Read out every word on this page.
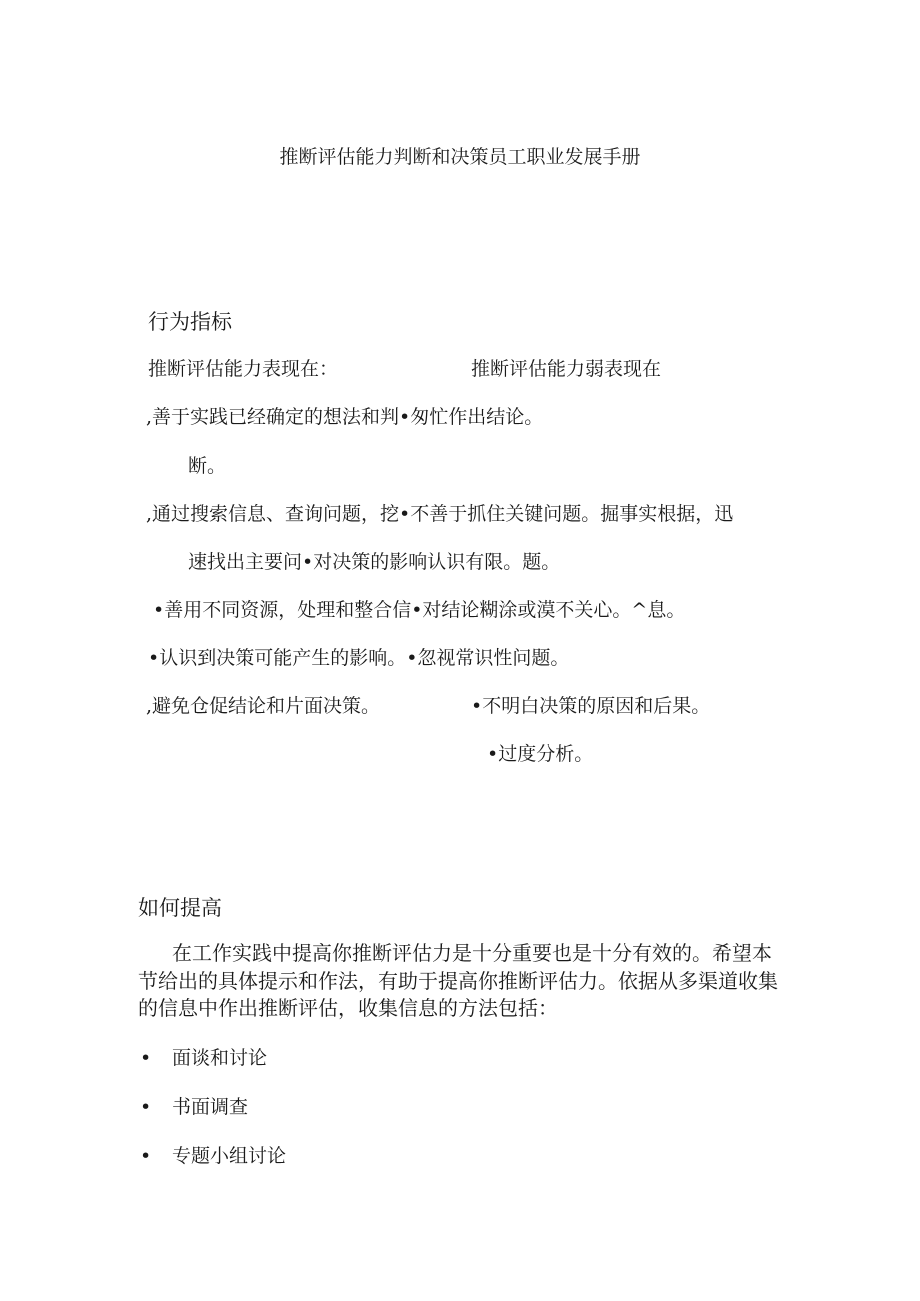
推断评估能力判断和决策员工职业发展手册
行为指标
推断评估能力表现在：	推断评估能力弱表现在
,善于实践已经确定的想法和判•匆忙作出结论。
断。
,通过搜索信息、查询问题，挖•不善于抓住关键问题。掘事实根据，迅
速找出主要问•对决策的影响认识有限。题。
•善用不同资源，处理和整合信•对结论糊涂或漠不关心。^息。
•认识到决策可能产生的影响。•忽视常识性问题。
,避免仓促结论和片面决策。	•不明白决策的原因和后果。
•过度分析。
如何提高
在工作实践中提高你推断评估力是十分重要也是十分有效的。希望本节给出的具体提示和作法，有助于提高你推断评估力。依据从多渠道收集的信息中作出推断评估，收集信息的方法包括：
• 面谈和讨论
• 书面调查
• 专题小组讨论
